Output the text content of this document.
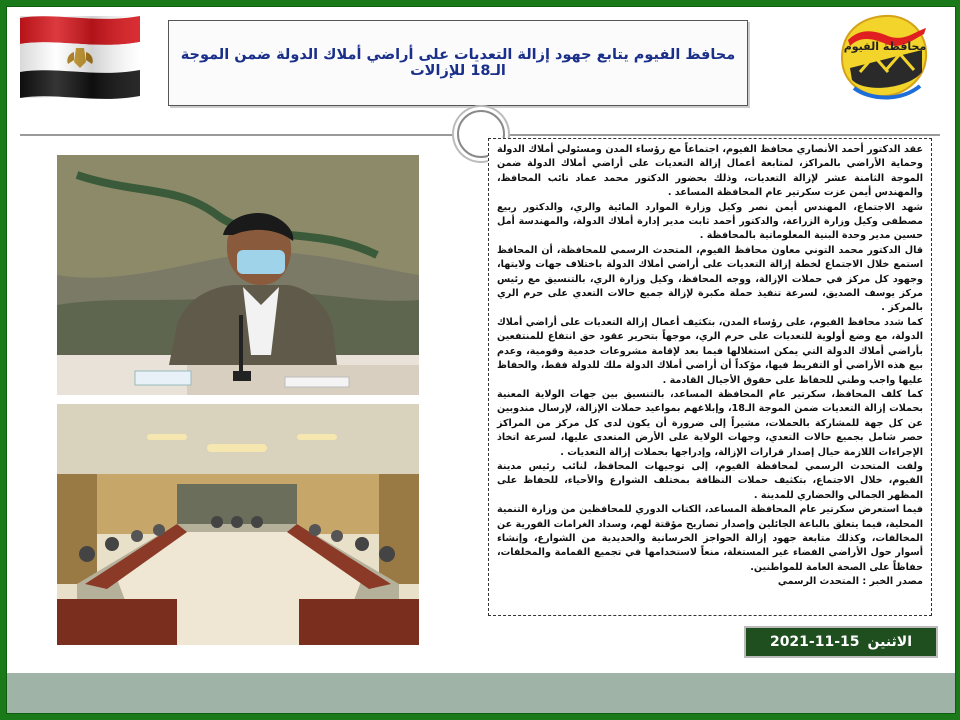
محافظة الفيوم
محافظ الفيوم يتابع جهود إزالة التعديات على أراضي أملاك الدولة ضمن الموجة الـ18 للإزالات

عقد الدكتور أحمد الأنصاري محافظ الفيوم، اجتماعاً مع رؤساء المدن ومسئولي أملاك الدولة وحماية الأراضي بالمراكز، لمتابعة أعمال إزالة التعديات على أراضي أملاك الدولة ضمن الموجة الثامنة عشر لإزالة التعديات، وذلك بحضور الدكتور محمد عماد نائب المحافظ، والمهندس أيمن عزت سكرتير عام المحافظة المساعد .

شهد الاجتماع، المهندس أيمن نصر وكيل وزارة الموارد المائية والري، والدكتور ربيع مصطفى وكيل وزارة الزراعة، والدكتور أحمد ثابت مدير إدارة أملاك الدولة، والمهندسة أمل حسين مدير وحدة البنية المعلوماتية بالمحافظة .

قال الدكتور محمد التوني معاون محافظ الفيوم، المتحدث الرسمي للمحافظة، أن المحافظ استمع خلال الاجتماع لخطة إزالة التعديات على أراضي أملاك الدولة باختلاف جهات ولايتها، وجهود كل مركز في حملات الإزالة، ووجه المحافظ، وكيل وزارة الري، بالتنسيق مع رئيس مركز يوسف الصديق، لسرعة تنفيذ حملة مكبرة لإزالة جميع حالات التعدي على حرم الري بالمركز .

كما شدد محافظ الفيوم، على رؤساء المدن، بتكثيف أعمال إزالة التعديات على أراضي أملاك الدولة، مع وضع أولوية للتعديات على حرم الري، موجهاً بتحرير عقود حق انتفاع للمنتفعين بأراضي أملاك الدولة التي يمكن استغلالها فيما بعد لإقامة مشروعات خدمية وقومية، وعدم بيع هذه الأراضي أو التفريط فيها، مؤكداً أن أراضي أملاك الدولة ملك للدولة فقط، والحفاظ عليها واجب وطني للحفاظ على حقوق الأجيال القادمة .

كما كلف المحافظ، سكرتير عام المحافظة المساعد، بالتنسيق بين جهات الولاية المعنية بحملات إزالة التعديات ضمن الموجة الـ18، وإبلاغهم بمواعيد حملات الإزالة، لإرسال مندوبين عن كل جهة للمشاركة بالحملات، مشيراً إلى ضرورة أن يكون لدى كل مركز من المراكز حصر شامل بجميع حالات التعدي، وجهات الولاية على الأرض المتعدى عليها، لسرعة اتخاذ الإجراءات اللازمة حيال إصدار قرارات الإزالة، وإدراجها بحملات إزالة التعديات .

ولفت المتحدث الرسمي لمحافظة الفيوم، إلى توجيهات المحافظ، لنائب رئيس مدينة الفيوم، خلال الاجتماع، بتكثيف حملات النظافة بمختلف الشوارع والأحياء، للحفاظ على المظهر الجمالي والحضاري للمدينة .

فيما استعرض سكرتير عام المحافظة المساعد، الكتاب الدوري للمحافظين من وزارة التنمية المحلية، فيما يتعلق بالباعة الجائلين وإصدار تصاريح مؤقتة لهم، وسداد الغرامات الفورية عن المخالفات، وكذلك متابعة جهود إزالة الحواجز الخرسانية والحديدية من الشوارع، وإنشاء أسوار حول الأراضي الفضاء غير المستغلة، منعاً لاستخدامها في تجميع القمامة والمخلفات، حفاظاً على الصحة العامة للمواطنين.

مصدر الخبر : المتحدث الرسمي

2021-11-15 الاثنين
